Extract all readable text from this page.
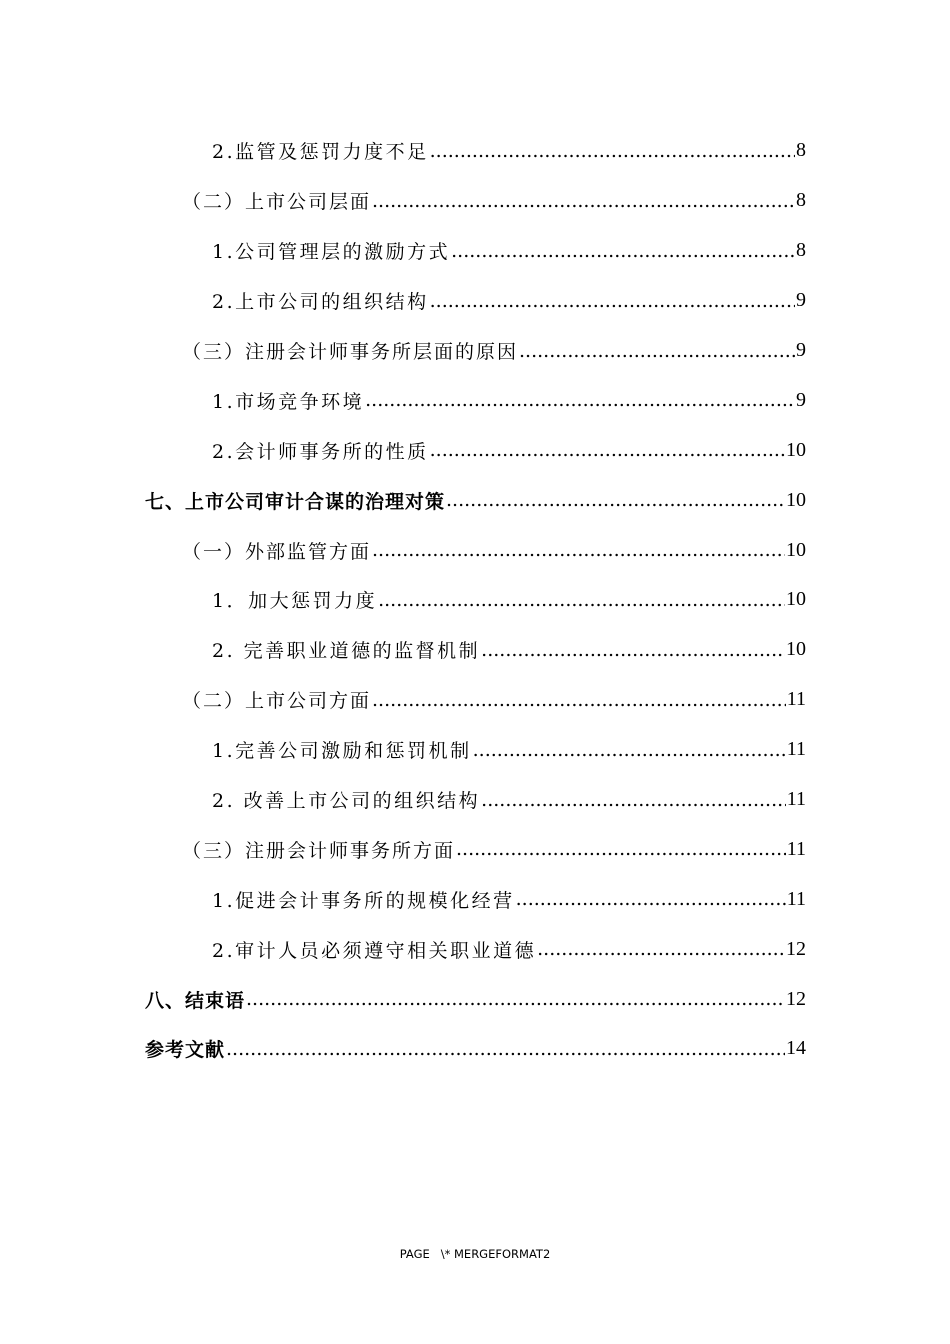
2.监管及惩罚力度不足 .....	8
（二）上市公司层面 .....	8
1.公司管理层的激励方式 .....	8
2.上市公司的组织结构 .....	9
（三）注册会计师事务所层面的原因 .....	9
1.市场竞争环境 .....	9
2.会计师事务所的性质 .....	10
七、上市公司审计合谋的治理对策 .....	10
（一）外部监管方面 .....	10
1．加大惩罚力度 .....	10
2. 完善职业道德的监督机制 .....	10
（二）上市公司方面 .....	11
1.完善公司激励和惩罚机制 .....	11
2. 改善上市公司的组织结构 .....	11
（三）注册会计师事务所方面 .....	11
1.促进会计事务所的规模化经营 .....	11
2.审计人员必须遵守相关职业道德 .....	12
八、结束语 .....	12
参考文献 .....	14
PAGE   \* MERGEFORMAT2
